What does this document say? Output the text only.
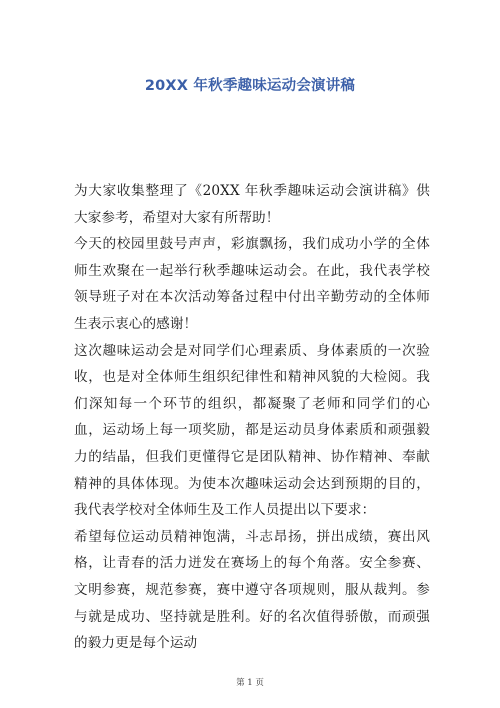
20XX 年秋季趣味运动会演讲稿

为大家收集整理了《20XX 年秋季趣味运动会演讲稿》供大家参考，希望对大家有所帮助！

今天的校园里鼓号声声，彩旗飘扬，我们成功小学的全体师生欢聚在一起举行秋季趣味运动会。在此，我代表学校领导班子对在本次活动筹备过程中付出辛勤劳动的全体师生表示衷心的感谢！

这次趣味运动会是对同学们心理素质、身体素质的一次验收，也是对全体师生组织纪律性和精神风貌的大检阅。我们深知每一个环节的组织，都凝聚了老师和同学们的心血，运动场上每一项奖励，都是运动员身体素质和顽强毅力的结晶，但我们更懂得它是团队精神、协作精神、奉献精神的具体体现。为使本次趣味运动会达到预期的目的，我代表学校对全体师生及工作人员提出以下要求：

希望每位运动员精神饱满，斗志昂扬，拼出成绩，赛出风格，让青春的活力迸发在赛场上的每个角落。安全参赛、文明参赛，规范参赛，赛中遵守各项规则，服从裁判。参与就是成功、坚持就是胜利。好的名次值得骄傲，而顽强的毅力更是每个运动

第 1 页
